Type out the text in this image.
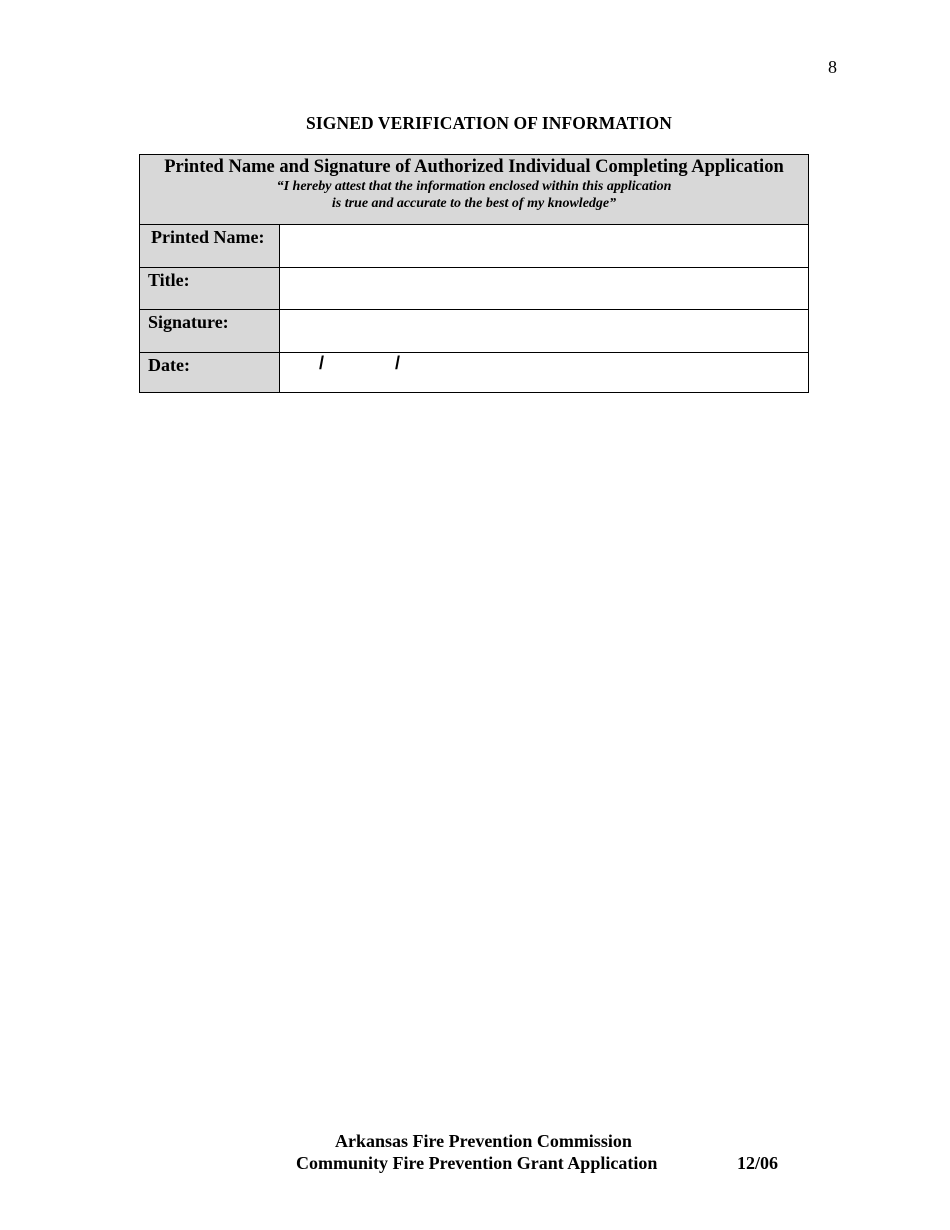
8
SIGNED VERIFICATION OF INFORMATION
Printed Name and Signature of Authorized Individual Completing Application
“I hereby attest that the information enclosed within this application
is true and accurate to the best of my knowledge”
Printed Name:
Title:
Signature:
Date:	/	/
Arkansas Fire Prevention Commission
Community Fire Prevention Grant Application	12/06
